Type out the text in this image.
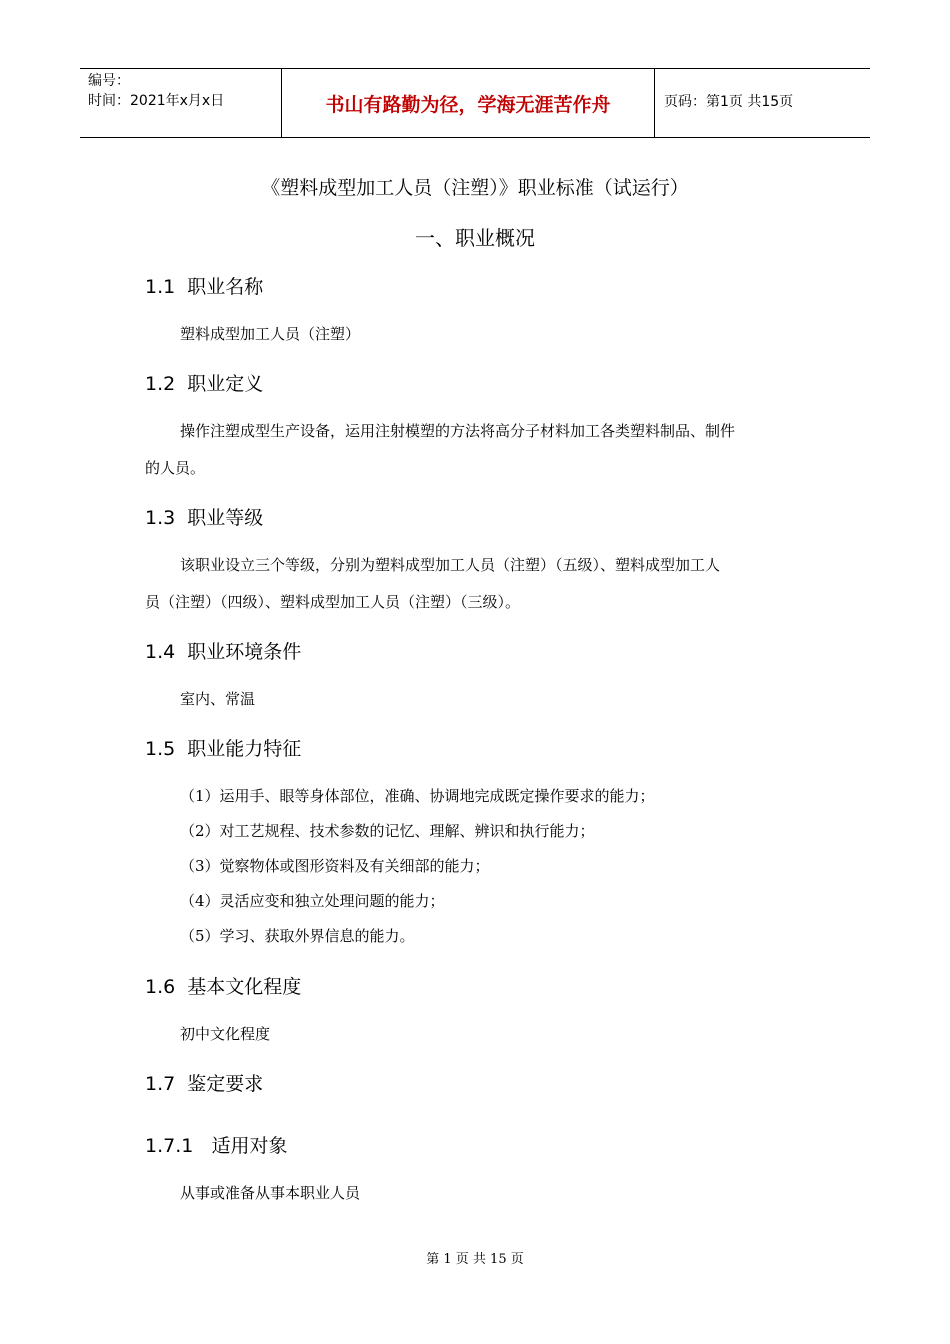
编号：
时间：2021年x月x日	书山有路勤为径，学海无涯苦作舟	页码：第1页 共15页
《塑料成型加工人员（注塑）》职业标准（试运行）
一、职业概况
1.1  职业名称
塑料成型加工人员（注塑）
1.2  职业定义
操作注塑成型生产设备，运用注射模塑的方法将高分子材料加工各类塑料制品、制件
的人员。
1.3  职业等级
该职业设立三个等级，分别为塑料成型加工人员（注塑）（五级）、塑料成型加工人
员（注塑）（四级）、塑料成型加工人员（注塑）（三级）。
1.4  职业环境条件
室内、常温
1.5  职业能力特征
（1）运用手、眼等身体部位，准确、协调地完成既定操作要求的能力；
（2）对工艺规程、技术参数的记忆、理解、辨识和执行能力；
（3）觉察物体或图形资料及有关细部的能力；
（4）灵活应变和独立处理问题的能力；
（5）学习、获取外界信息的能力。
1.6  基本文化程度
初中文化程度
1.7  鉴定要求
1.7.1   适用对象
从事或准备从事本职业人员
第 1 页 共 15 页
